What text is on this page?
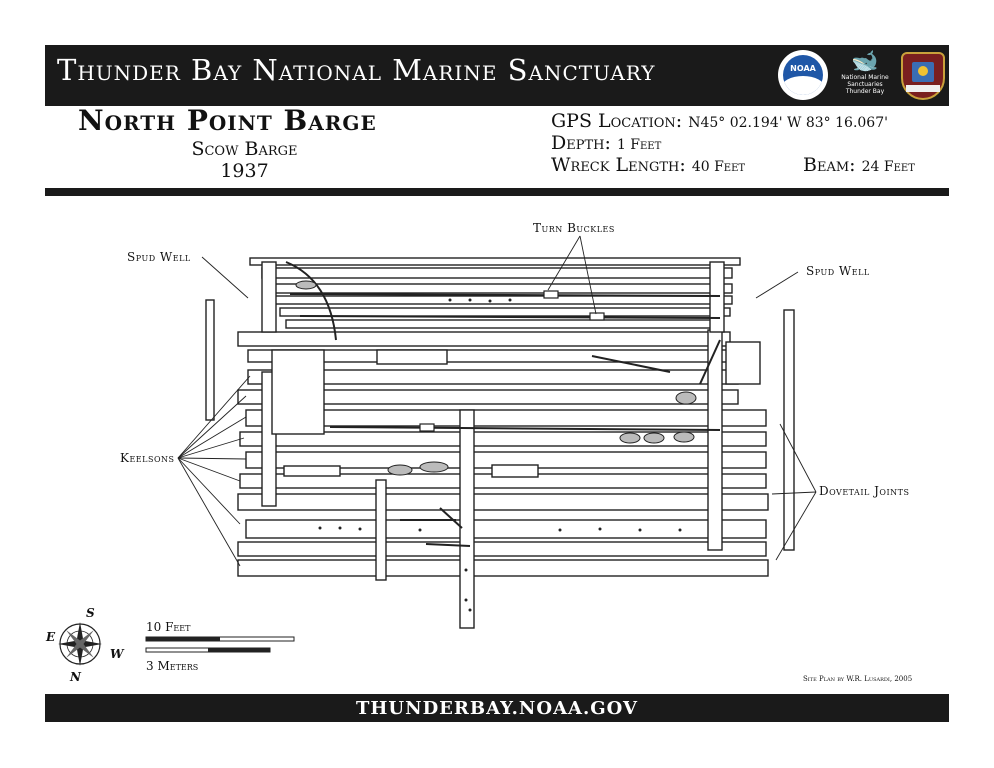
Thunder Bay National Marine Sanctuary	NOAA	🐋
National Marine
Sanctuaries
Thunder Bay
North Point Barge
Scow Barge
1937
GPS Location: N45° 02.194' W 83° 16.067'
Depth: 1 Feet
Wreck Length: 40 Feet	Beam: 24 Feet
Spud Well
Spud Well
Turn Buckles
Keelsons
Dovetail Joints
S
E
W
N
10 Feet
3 Meters
Site Plan by W.R. Lusardi, 2005
THUNDERBAY.NOAA.GOV
